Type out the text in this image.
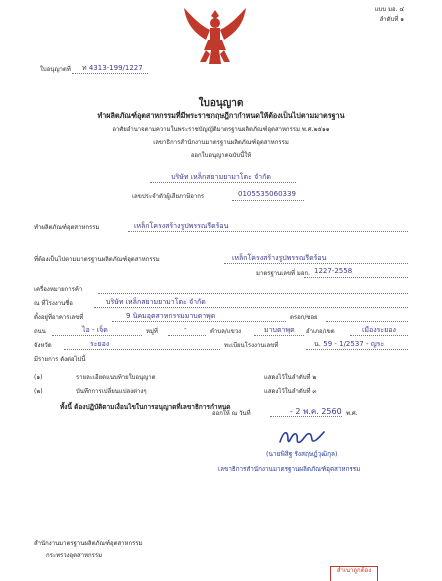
แบบ มอ. ๔
ลำดับที่ ๑
ใบอนุญาตที่ ท 4313-199/1227
ใบอนุญาต
ทำผลิตภัณฑ์อุตสาหกรรมที่มีพระราชกฤษฎีกากำหนดให้ต้องเป็นไปตามมาตรฐาน
อาศัยอำนาจตามความในพระราชบัญญัติมาตรฐานผลิตภัณฑ์อุตสาหกรรม พ.ศ.๒๕๑๑
เลขาธิการสำนักงานมาตรฐานผลิตภัณฑ์อุตสาหกรรม
ออกใบอนุญาตฉบับนี้ให้
บริษัท เหล็กสยามยามาโตะ จำกัด
เลขประจำตัวผู้เสียภาษีอากร	0105535060339
ทำผลิตภัณฑ์อุตสาหกรรม	เหล็กโครงสร้างรูปพรรณรีดร้อน
ที่ต้องเป็นไปตามมาตรฐานผลิตภัณฑ์อุตสาหกรรม	เหล็กโครงสร้างรูปพรรณรีดร้อน
มาตรฐานเลขที่ มอก. 1227-2558
เครื่องหมายการค้า
ณ ที่โรงงานชื่อ	บริษัท เหล็กสยามยามาโตะ จำกัด
ตั้งอยู่ที่อาคารเลขที่	9 นิคมอุตสาหกรรมมาบตาพุด	ตรอก/ซอย
ถนน	ไอ - เจ็ด	หมู่ที่	-	ตำบล/แขวง	มาบตาพุด อำเภอ/เขต	เมืองระยอง
จังหวัด	ระยอง	ทะเบียนโรงงานเลขที่	น. 59 - 1/2537 - ญระ
มีรายการ ดังต่อไปนี้
(๑)	รายละเอียดแนบท้ายใบอนุญาต	แสดงไว้ในลำดับที่ ๒
(๒)	บันทึกการเปลี่ยนแปลงต่างๆ	แสดงไว้ในลำดับที่ ๓
ทั้งนี้ ต้องปฏิบัติตามเงื่อนไขในการอนุญาตที่เลขาธิการกำหนด
ออกให้ ณ วันที่	- 2 พ.ค. 2560 พ.ศ.
(นายพิสิฐ รังสฤษฏ์วุฒิกุล)
เลขาธิการสำนักงานมาตรฐานผลิตภัณฑ์อุตสาหกรรม
สำนักงานมาตรฐานผลิตภัณฑ์อุตสาหกรรม
กระทรวงอุตสาหกรรม
สำเนาถูกต้อง
